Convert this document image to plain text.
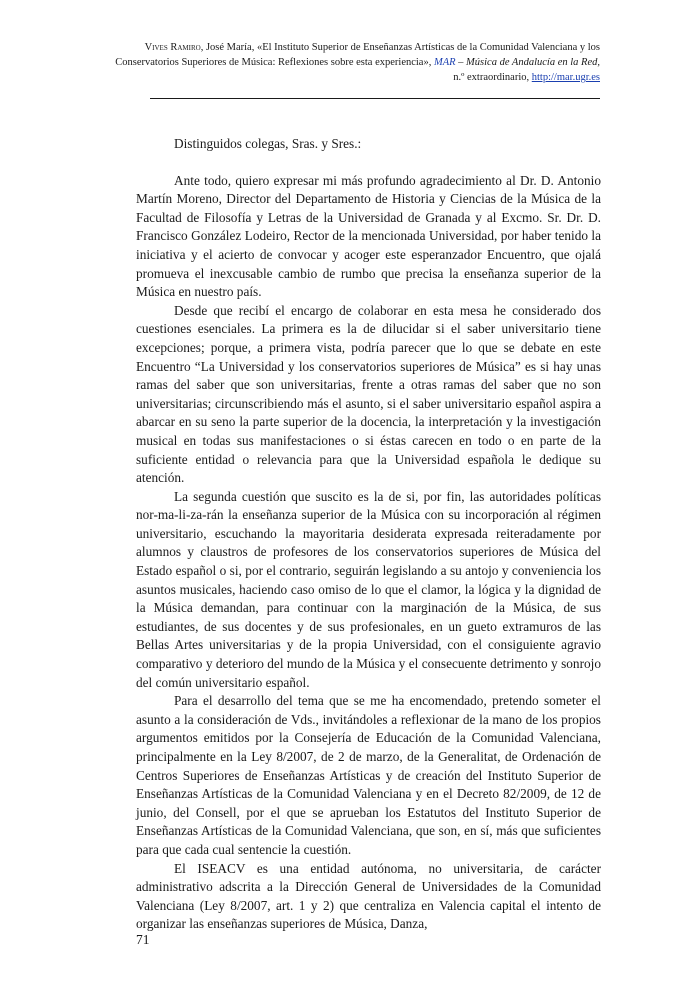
Vives Ramiro, José María, «El Instituto Superior de Enseñanzas Artísticas de la Comunidad Valenciana y los Conservatorios Superiores de Música: Reflexiones sobre esta experiencia», MAR – Música de Andalucía en la Red, n.º extraordinario, http://mar.ugr.es

Distinguidos colegas, Sras. y Sres.:

Ante todo, quiero expresar mi más profundo agradecimiento al Dr. D. Antonio Martín Moreno, Director del Departamento de Historia y Ciencias de la Música de la Facultad de Filosofía y Letras de la Universidad de Granada y al Excmo. Sr. Dr. D. Francisco González Lodeiro, Rector de la mencionada Universidad, por haber tenido la iniciativa y el acierto de convocar y acoger este esperanzador Encuentro, que ojalá promueva el inexcusable cambio de rumbo que precisa la enseñanza superior de la Música en nuestro país.

Desde que recibí el encargo de colaborar en esta mesa he considerado dos cuestiones esenciales. La primera es la de dilucidar si el saber universitario tiene excepciones; porque, a primera vista, podría parecer que lo que se debate en este Encuentro “La Universidad y los conservatorios superiores de Música” es si hay unas ramas del saber que son universitarias, frente a otras ramas del saber que no son universitarias; circunscribiendo más el asunto, si el saber universitario español aspira a abarcar en su seno la parte superior de la docencia, la interpretación y la investigación musical en todas sus manifestaciones o si éstas carecen en todo o en parte de la suficiente entidad o relevancia para que la Universidad española le dedique su atención.

La segunda cuestión que suscito es la de si, por fin, las autoridades políticas nor-ma-li-za-rán la enseñanza superior de la Música con su incorporación al régimen universitario, escuchando la mayoritaria desiderata expresada reiteradamente por alumnos y claustros de profesores de los conservatorios superiores de Música del Estado español o si, por el contrario, seguirán legislando a su antojo y conveniencia los asuntos musicales, haciendo caso omiso de lo que el clamor, la lógica y la dignidad de la Música demandan, para continuar con la marginación de la Música, de sus estudiantes, de sus docentes y de sus profesionales, en un gueto extramuros de las Bellas Artes universitarias y de la propia Universidad, con el consiguiente agravio comparativo y deterioro del mundo de la Música y el consecuente detrimento y sonrojo del común universitario español.

Para el desarrollo del tema que se me ha encomendado, pretendo someter el asunto a la consideración de Vds., invitándoles a reflexionar de la mano de los propios argumentos emitidos por la Consejería de Educación de la Comunidad Valenciana, principalmente en la Ley 8/2007, de 2 de marzo, de la Generalitat, de Ordenación de Centros Superiores de Enseñanzas Artísticas y de creación del Instituto Superior de Enseñanzas Artísticas de la Comunidad Valenciana y en el Decreto 82/2009, de 12 de junio, del Consell, por el que se aprueban los Estatutos del Instituto Superior de Enseñanzas Artísticas de la Comunidad Valenciana, que son, en sí, más que suficientes para que cada cual sentencie la cuestión.

El ISEACV es una entidad autónoma, no universitaria, de carácter administrativo adscrita a la Dirección General de Universidades de la Comunidad Valenciana (Ley 8/2007, art. 1 y 2) que centraliza en Valencia capital el intento de organizar las enseñanzas superiores de Música, Danza,

71
